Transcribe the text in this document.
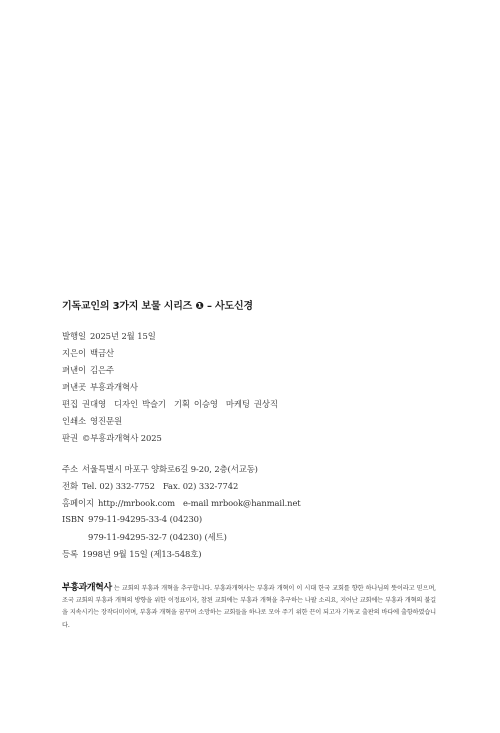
기독교인의 3가지 보물 시리즈 ❶ – 사도신경
발행일 2025년 2월 15일
지은이 백금산
펴낸이 김은주
펴낸곳 부흥과개혁사
편집 권대영 디자인 박슬기 기획 이승영 마케팅 권상직
인쇄소 영진문원
판권 ©부흥과개혁사 2025
주소 서울특별시 마포구 양화로6길 9-20, 2층(서교동)
전화 Tel. 02) 332-7752 Fax. 02) 332-7742
홈페이지 http://mrbook.com e-mail mrbook@hanmail.net
ISBN 979-11-94295-33-4 (04230)
979-11-94295-32-7 (04230) (세트)
등록 1998년 9월 15일 (제13-548호)
부흥과개혁사 는 교회의 부흥과 개혁을 추구합니다. 부흥과개혁사는 부흥과 개혁이 이 시대 한국 교회를 향한 하나님의 뜻이라고 믿으며, 조국 교회의 부흥과 개혁의 방향을 위한 이정표이자, 참된 교회에는 부흥과 개혁을 추구하는 나팔 소리요, 지어난 교회에는 부흥과 개혁의 불길을 지속시키는 장작더미이며, 부흥과 개혁을 꿈꾸며 소망하는 교회들을 하나로 모아 주기 위한 끈이 되고자 기독교 출판의 바다에 출항하였습니다.
